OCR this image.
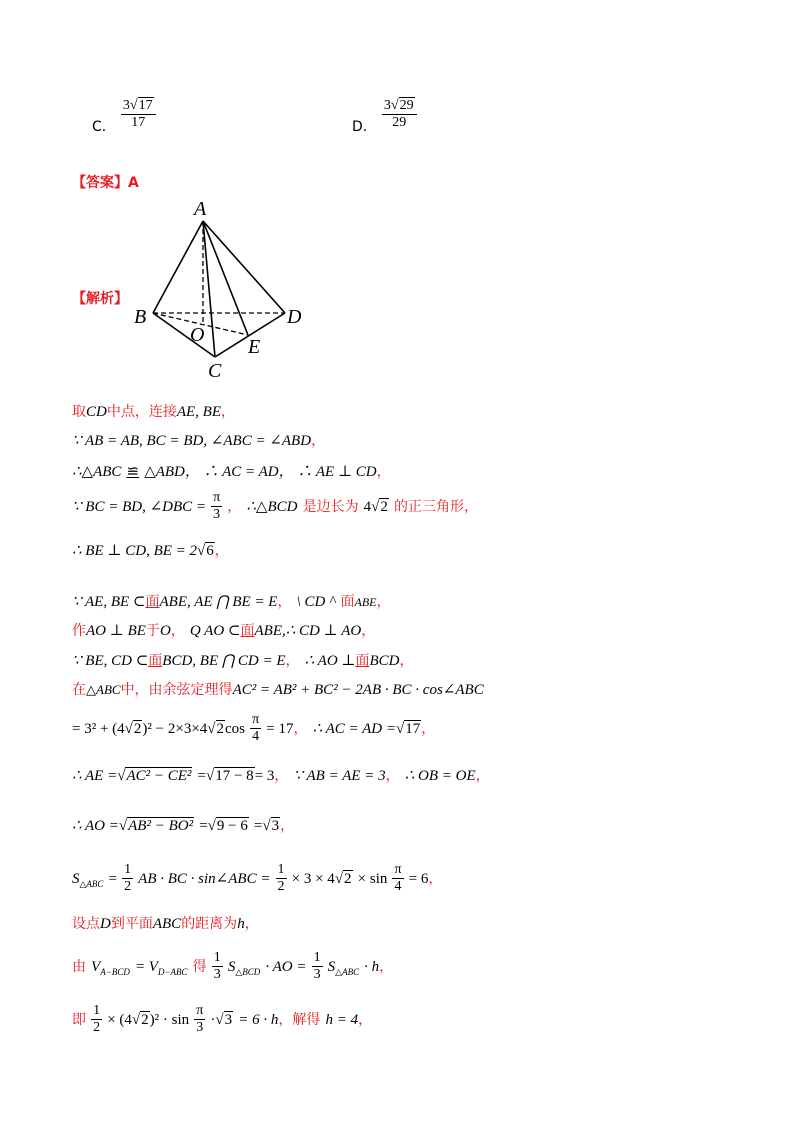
C． $\frac{3√17}{17}$	D． $\frac{3√29}{29}$
【答案】A
【解析】
A
B	D
O
E
C
取CD中点，连接AE, BE，
∵ AB = AB, BC = BD, ∠ABC = ∠ABD，
∴△ABC ≌ △ABD， ∴ AC = AD， ∴ AE ⊥ CD，
∵ BC = BD, ∠DBC = $\frac{\pi}{3}$ ， ∴△BCD 是边长为 4√2 的正三角形，
∴ BE ⊥ CD, BE = 2√6，
∵ AE, BE ⊂面ABE, AE ⋂ BE = E， \ CD ^ 面ABE，
作AO ⊥ BE于O， Q AO ⊂面ABE,∴ CD ⊥ AO，
∵ BE, CD ⊂面BCD, BE ⋂ CD = E， ∴ AO ⊥面BCD，
在△ABC中，由余弦定理得AC² = AB² + BC² − 2AB · BC · cos∠ABC
= $3^2 + (4√2)^2 - 2\times 3\times 4√2\cos \frac{\pi}{4} = 17$， ∴ AC = AD =√17，
∴ AE =√AC² − CE² =√17 − 8= 3， ∵ AB = AE = 3， ∴ OB = OE，
∴ AO =√AB² − BO² =√9 − 6 =√3，
$S_{\triangle ABC} = \frac{1}{2}$ AB · BC · sin∠ABC = $\frac{1}{2} \times 3 \times 4√2 \times \sin \frac{\pi}{4} = 6$，
设点D到平面ABC的距离为h，
由 $V_{A-BCD} = V_{D-ABC}$ 得 $\frac{1}{3} S_{\triangle BCD}$ · AO = $\frac{1}{3} S_{\triangle ABC} \cdot h$，
即 $\frac{1}{2} \times (4√2)^2 \cdot \sin \frac{\pi}{3} \cdot√3 = 6 \cdot h$，解得 h = 4，
